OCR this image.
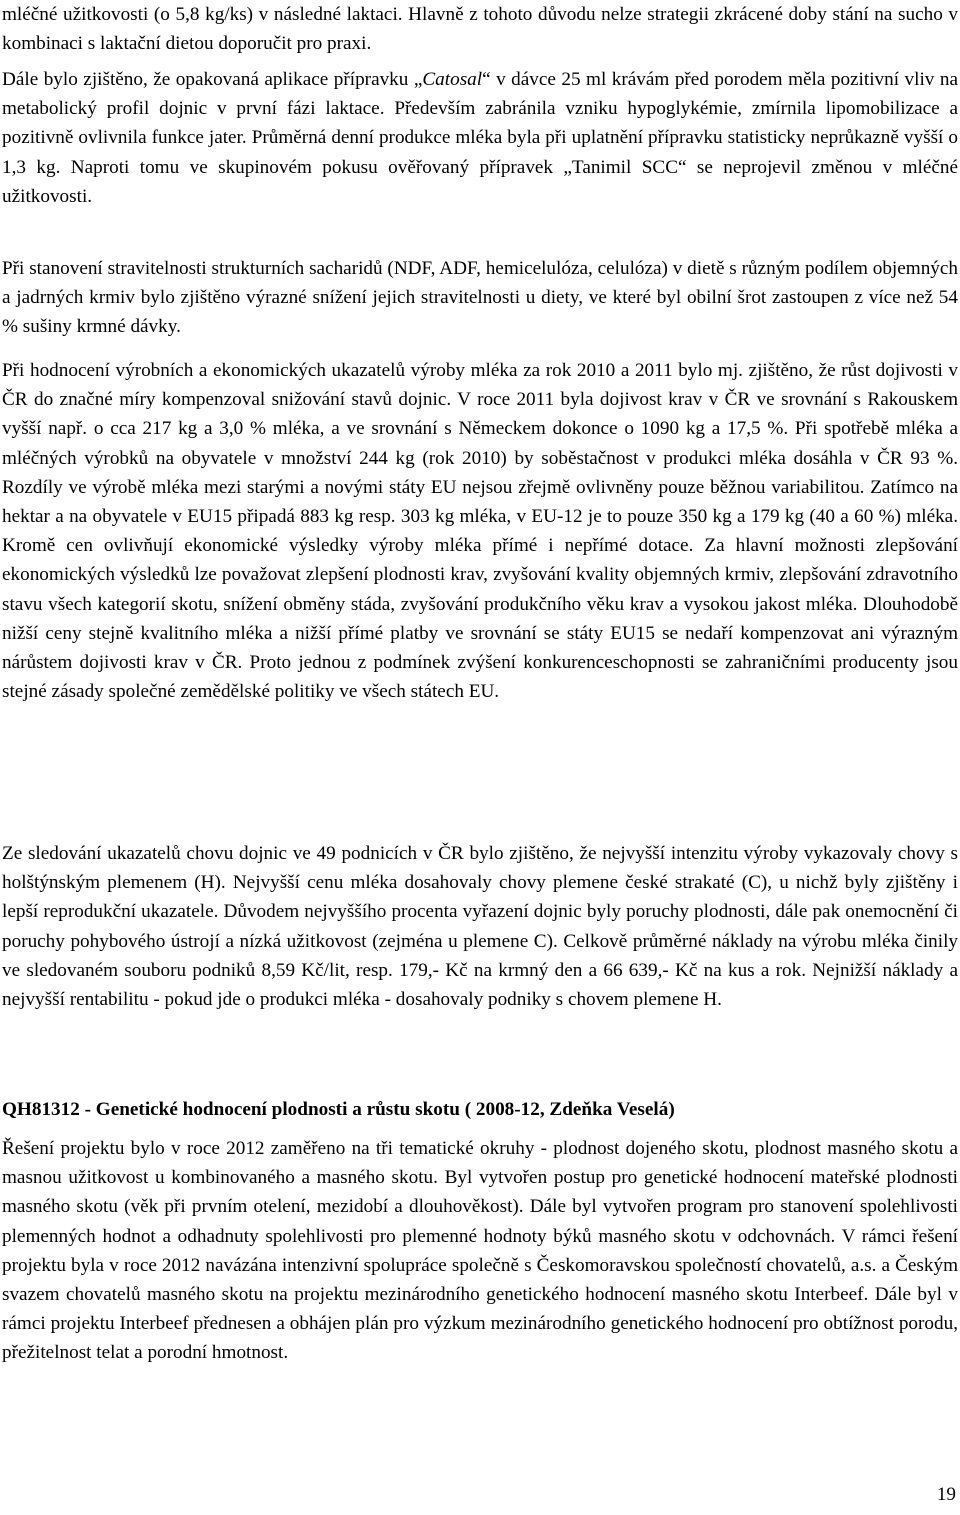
mléčné užitkovosti (o 5,8 kg/ks) v následné laktaci. Hlavně z tohoto důvodu nelze strategii zkrácené doby stání na sucho v kombinaci s laktační dietou doporučit pro praxi.

Dále bylo zjištěno, že opakovaná aplikace přípravku „Catosal“ v dávce 25 ml krávám před porodem měla pozitivní vliv na metabolický profil dojnic v první fázi laktace. Především zabránila vzniku hypoglykémie, zmírnila lipomobilizace a pozitivně ovlivnila funkce jater. Průměrná denní produkce mléka byla při uplatnění přípravku statisticky neprůkazně vyšší o 1,3 kg. Naproti tomu ve skupinovém pokusu ověřovaný přípravek „Tanimil SCC“ se neprojevil změnou v mléčné užitkovosti.

Při stanovení stravitelnosti strukturních sacharidů (NDF, ADF, hemicelulóza, celulóza) v dietě s různým podílem objemných a jadrných krmiv bylo zjištěno výrazné snížení jejich stravitelnosti u diety, ve které byl obilní šrot zastoupen z více než 54 % sušiny krmné dávky.

Při hodnocení výrobních a ekonomických ukazatelů výroby mléka za rok 2010 a 2011 bylo mj. zjištěno, že růst dojivosti v ČR do značné míry kompenzoval snižování stavů dojnic. V roce 2011 byla dojivost krav v ČR ve srovnání s Rakouskem vyšší např. o cca 217 kg a 3,0 % mléka, a ve srovnání s Německem dokonce o 1090 kg a 17,5 %. Při spotřebě mléka a mléčných výrobků na obyvatele v množství 244 kg (rok 2010) by soběstačnost v produkci mléka dosáhla v ČR 93 %. Rozdíly ve výrobě mléka mezi starými a novými státy EU nejsou zřejmě ovlivněny pouze běžnou variabilitou. Zatímco na hektar a na obyvatele v EU15 připadá 883 kg resp. 303 kg mléka, v EU-12 je to pouze 350 kg a 179 kg (40 a 60 %) mléka. Kromě cen ovlivňují ekonomické výsledky výroby mléka přímé i nepřímé dotace. Za hlavní možnosti zlepšování ekonomických výsledků lze považovat zlepšení plodnosti krav, zvyšování kvality objemných krmiv, zlepšování zdravotního stavu všech kategorií skotu, snížení obměny stáda, zvyšování produkčního věku krav a vysokou jakost mléka. Dlouhodobě nižší ceny stejně kvalitního mléka a nižší přímé platby ve srovnání se státy EU15 se nedaří kompenzovat ani výrazným nárůstem dojivosti krav v ČR. Proto jednou z podmínek zvýšení konkurenceschopnosti se zahraničními producenty jsou stejné zásady společné zemědělské politiky ve všech státech EU.

Ze sledování ukazatelů chovu dojnic ve 49 podnicích v ČR bylo zjištěno, že nejvyšší intenzitu výroby vykazovaly chovy s holštýnským plemenem (H). Nejvyšší cenu mléka dosahovaly chovy plemene české strakaté (C), u nichž byly zjištěny i lepší reprodukční ukazatele. Důvodem nejvyššího procenta vyřazení dojnic byly poruchy plodnosti, dále pak onemocnění či poruchy pohybového ústrojí a nízká užitkovost (zejména u plemene C). Celkově průměrné náklady na výrobu mléka činily ve sledovaném souboru podniků 8,59 Kč/lit, resp. 179,- Kč na krmný den a 66 639,- Kč na kus a rok. Nejnižší náklady a nejvyšší rentabilitu - pokud jde o produkci mléka - dosahovaly podniky s chovem plemene H.

QH81312 - Genetické hodnocení plodnosti a růstu skotu ( 2008-12, Zdeňka Veselá)

Řešení projektu bylo v roce 2012 zaměřeno na tři tematické okruhy - plodnost dojeného skotu, plodnost masného skotu a masnou užitkovost u kombinovaného a masného skotu. Byl vytvořen postup pro genetické hodnocení mateřské plodnosti masného skotu (věk při prvním otelení, mezidobí a dlouhověkost). Dále byl vytvořen program pro stanovení spolehlivosti plemenných hodnot a odhadnuty spolehlivosti pro plemenné hodnoty býků masného skotu v odchovnách. V rámci řešení projektu byla v roce 2012 navázána intenzivní spolupráce společně s Českomoravskou společností chovatelů, a.s. a Českým svazem chovatelů masného skotu na projektu mezinárodního genetického hodnocení masného skotu Interbeef. Dále byl v rámci projektu Interbeef přednesen a obhájen plán pro výzkum mezinárodního genetického hodnocení pro obtížnost porodu, přežitelnost telat a porodní hmotnost.

19
